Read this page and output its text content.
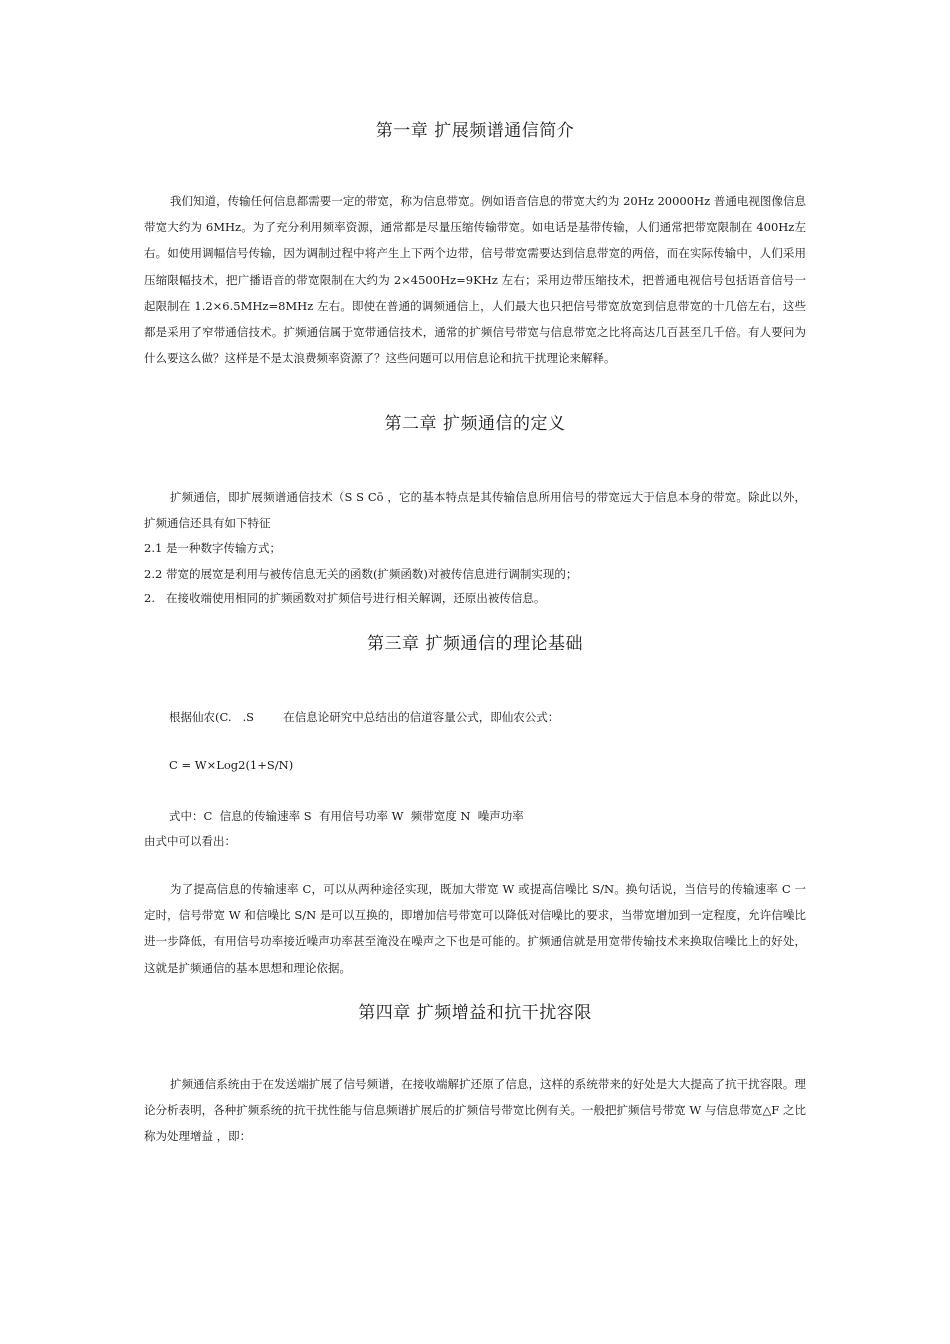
第一章 扩展频谱通信简介

我们知道，传输任何信息都需要一定的带宽，称为信息带宽。例如语音信息的带宽大约为 20Hz 20000Hz 普通电视图像信息带宽大约为 6MHz。为了充分利用频率资源，通常都是尽量压缩传输带宽。如电话是基带传输，人们通常把带宽限制在 400Hz左右。如使用调幅信号传输，因为调制过程中将产生上下两个边带，信号带宽需要达到信息带宽的两倍，而在实际传输中，人们采用压缩限幅技术，把广播语音的带宽限制在大约为 2×4500Hz=9KHz 左右；采用边带压缩技术，把普通电视信号包括语音信号一起限制在 1.2×6.5MHz=8MHz 左右。即使在普通的调频通信上，人们最大也只把信号带宽放宽到信息带宽的十几倍左右，这些都是采用了窄带通信技术。扩频通信属于宽带通信技术，通常的扩频信号带宽与信息带宽之比将高达几百甚至几千倍。有人要问为什么要这么做？这样是不是太浪费频率资源了？这些问题可以用信息论和抗干扰理论来解释。

第二章 扩频通信的定义

扩频通信，即扩展频谱通信技术（S S Cō ，它的基本特点是其传输信息所用信号的带宽远大于信息本身的带宽。除此以外，扩频通信还具有如下特征

2.1 是一种数字传输方式；
2.2 带宽的展宽是利用与被传信息无关的函数(扩频函数)对被传信息进行调制实现的；
2.   在接收端使用相同的扩频函数对扩频信号进行相关解调，还原出被传信息。
第三章 扩频通信的理论基础
根据仙农(C.   .S        在信息论研究中总结出的信道容量公式，即仙农公式：
C = W×Log2(1+S/N)
式中：C  信息的传输速率 S  有用信号功率 W  频带宽度 N  噪声功率
由式中可以看出：

为了提高信息的传输速率 C，可以从两种途径实现，既加大带宽 W 或提高信噪比 S/N。换句话说，当信号的传输速率 C 一定时，信号带宽 W 和信噪比 S/N 是可以互换的，即增加信号带宽可以降低对信噪比的要求，当带宽增加到一定程度，允许信噪比进一步降低，有用信号功率接近噪声功率甚至淹没在噪声之下也是可能的。扩频通信就是用宽带传输技术来换取信噪比上的好处，这就是扩频通信的基本思想和理论依据。

第四章 扩频增益和抗干扰容限

扩频通信系统由于在发送端扩展了信号频谱，在接收端解扩还原了信息，这样的系统带来的好处是大大提高了抗干扰容限。理论分析表明，各种扩频系统的抗干扰性能与信息频谱扩展后的扩频信号带宽比例有关。一般把扩频信号带宽 W 与信息带宽△F 之比称为处理增益 ，即：
